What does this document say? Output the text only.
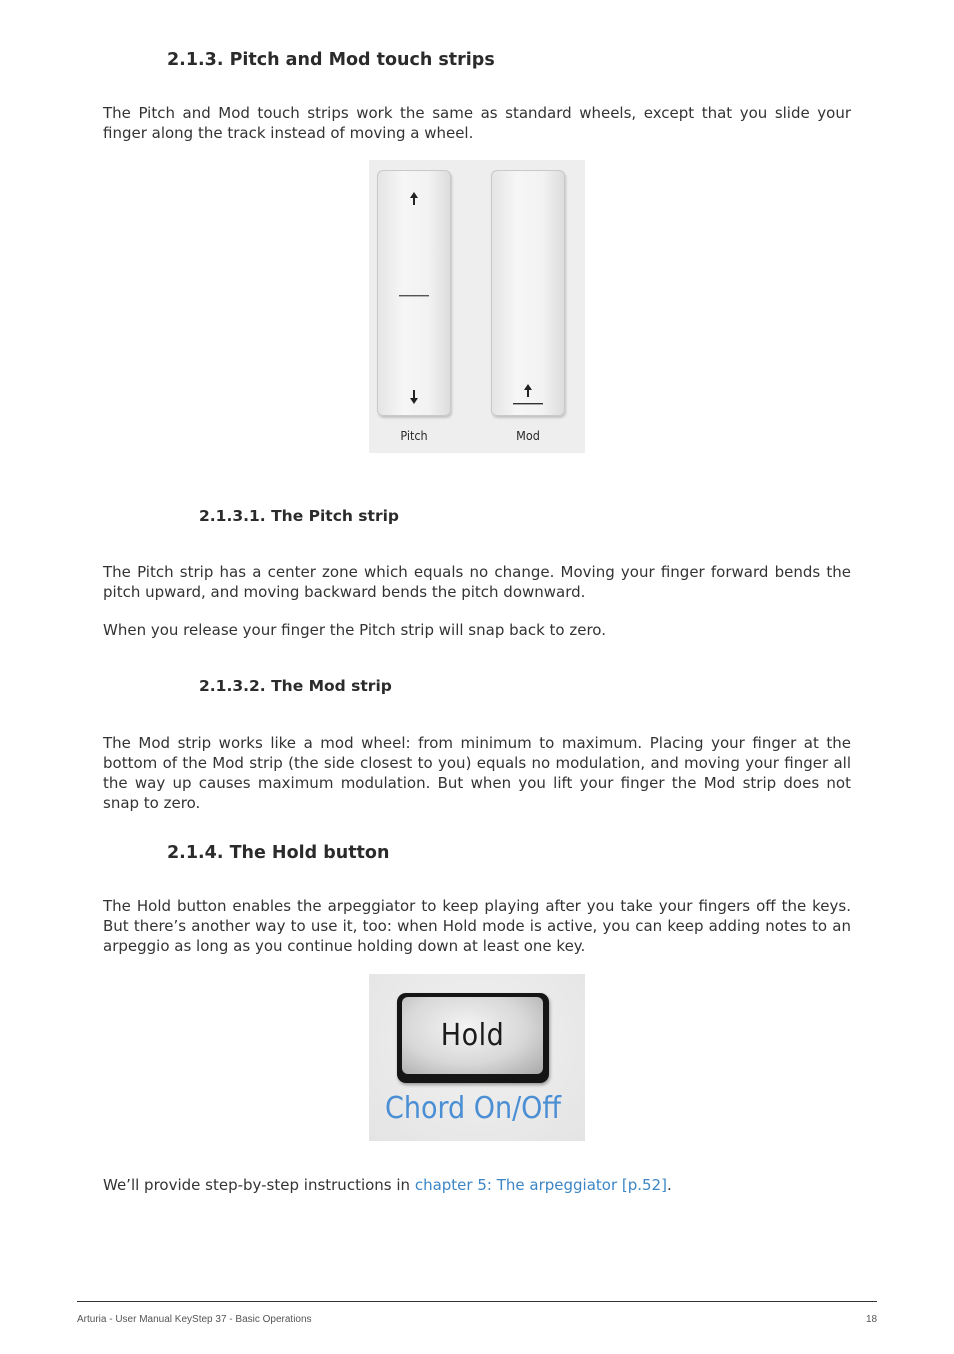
2.1.3. Pitch and Mod touch strips

The Pitch and Mod touch strips work the same as standard wheels, except that you slide your finger along the track instead of moving a wheel.

Pitch	Mod
2.1.3.1. The Pitch strip

The Pitch strip has a center zone which equals no change. Moving your finger forward bends the pitch upward, and moving backward bends the pitch downward.

When you release your finger the Pitch strip will snap back to zero.

2.1.3.2. The Mod strip

The Mod strip works like a mod wheel: from minimum to maximum. Placing your finger at the bottom of the Mod strip (the side closest to you) equals no modulation, and moving your finger all the way up causes maximum modulation. But when you lift your finger the Mod strip does not snap to zero.

2.1.4. The Hold button

The Hold button enables the arpeggiator to keep playing after you take your fingers off the keys. But there’s another way to use it, too: when Hold mode is active, you can keep adding notes to an arpeggio as long as you continue holding down at least one key.

Hold
Chord On/Off

We’ll provide step-by-step instructions in chapter 5: The arpeggiator [p.52].

Arturia - User Manual KeyStep 37 - Basic Operations	18
